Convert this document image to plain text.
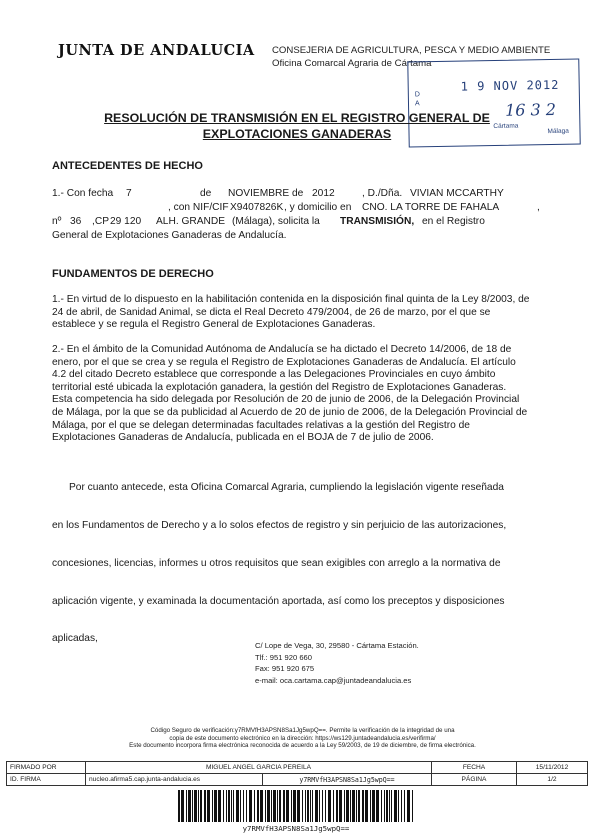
JUNTA DE ANDALUCIA CONSEJERIA DE AGRICULTURA, PESCA Y MEDIO AMBIENTE
Oficina Comarcal Agraria de Cártama
D A
1 9 NOV 2012
16 3 2
Cártama
Málaga
RESOLUCIÓN DE TRANSMISIÓN EN EL REGISTRO GENERAL DE
EXPLOTACIONES GANADERAS
ANTECEDENTES DE HECHO
1.- Con fecha 7	de NOVIEMBRE de 2012	, D./Dña. VIVIAN MCCARTHY
, con NIF/CIF X9407826K , y domicilio en CNO. LA TORRE DE FAHALA	,
nº 36 ,CP 29 120 ALH. GRANDE (Málaga), solicita la TRANSMISIÓN, en el Registro
General de Explotaciones Ganaderas de Andalucía.
FUNDAMENTOS DE DERECHO
1.- En virtud de lo dispuesto en la habilitación contenida en la disposición final quinta de la Ley 8/2003, de
24 de abril, de Sanidad Animal, se dicta el Real Decreto 479/2004, de 26 de marzo, por el que se
establece y se regula el Registro General de Explotaciones Ganaderas.
2.- En el ámbito de la Comunidad Autónoma de Andalucía se ha dictado el Decreto 14/2006, de 18 de
enero, por el que se crea y se regula el Registro de Explotaciones Ganaderas de Andalucía. El artículo
4.2 del citado Decreto establece que corresponde a las Delegaciones Provinciales en cuyo ámbito
territorial esté ubicada la explotación ganadera, la gestión del Registro de Explotaciones Ganaderas.
Esta competencia ha sido delegada por Resolución de 20 de junio de 2006, de la Delegación Provincial
de Málaga, por la que se da publicidad al Acuerdo de 20 de junio de 2006, de la Delegación Provincial de
Málaga, por el que se delegan determinadas facultades relativas a la gestión del Registro de
Explotaciones Ganaderas de Andalucía, publicada en el BOJA de 7 de julio de 2006.

Por cuanto antecede, esta Oficina Comarcal Agraria, cumpliendo la legislación vigente reseñada

en los Fundamentos de Derecho y a lo solos efectos de registro y sin perjuicio de las autorizaciones,

concesiones, licencias, informes u otros requisitos que sean exigibles con arreglo a la normativa de

aplicación vigente, y examinada la documentación aportada, así como los preceptos y disposiciones

aplicadas,

C/ Lope de Vega, 30, 29580 - Cártama Estación.
Tlf.: 951 920 660
Fax: 951 920 675
e-mail: oca.cartama.cap@juntadeandalucia.es
Código Seguro de verificación:y7RMVfH3APSN8Sa1Jg5wpQ==. Permite la verificación de la integridad de una
copia de este documento electrónico en la dirección: https://ws129.juntadeandalucia.es/verifirma/
Este documento incorpora firma electrónica reconocida de acuerdo a la Ley 59/2003, de 19 de diciembre, de firma electrónica.
FIRMADO POR	MIGUEL ANGEL GARCIA PEREILA		FECHA	15/11/2012
ID. FIRMA	nucleo.afirma5.cap.junta-andalucia.es	y7RMVfH3APSN8Sa1Jg5wpQ==	PÁGINA	1/2
y7RMVfH3APSN8Sa1Jg5wpQ==
